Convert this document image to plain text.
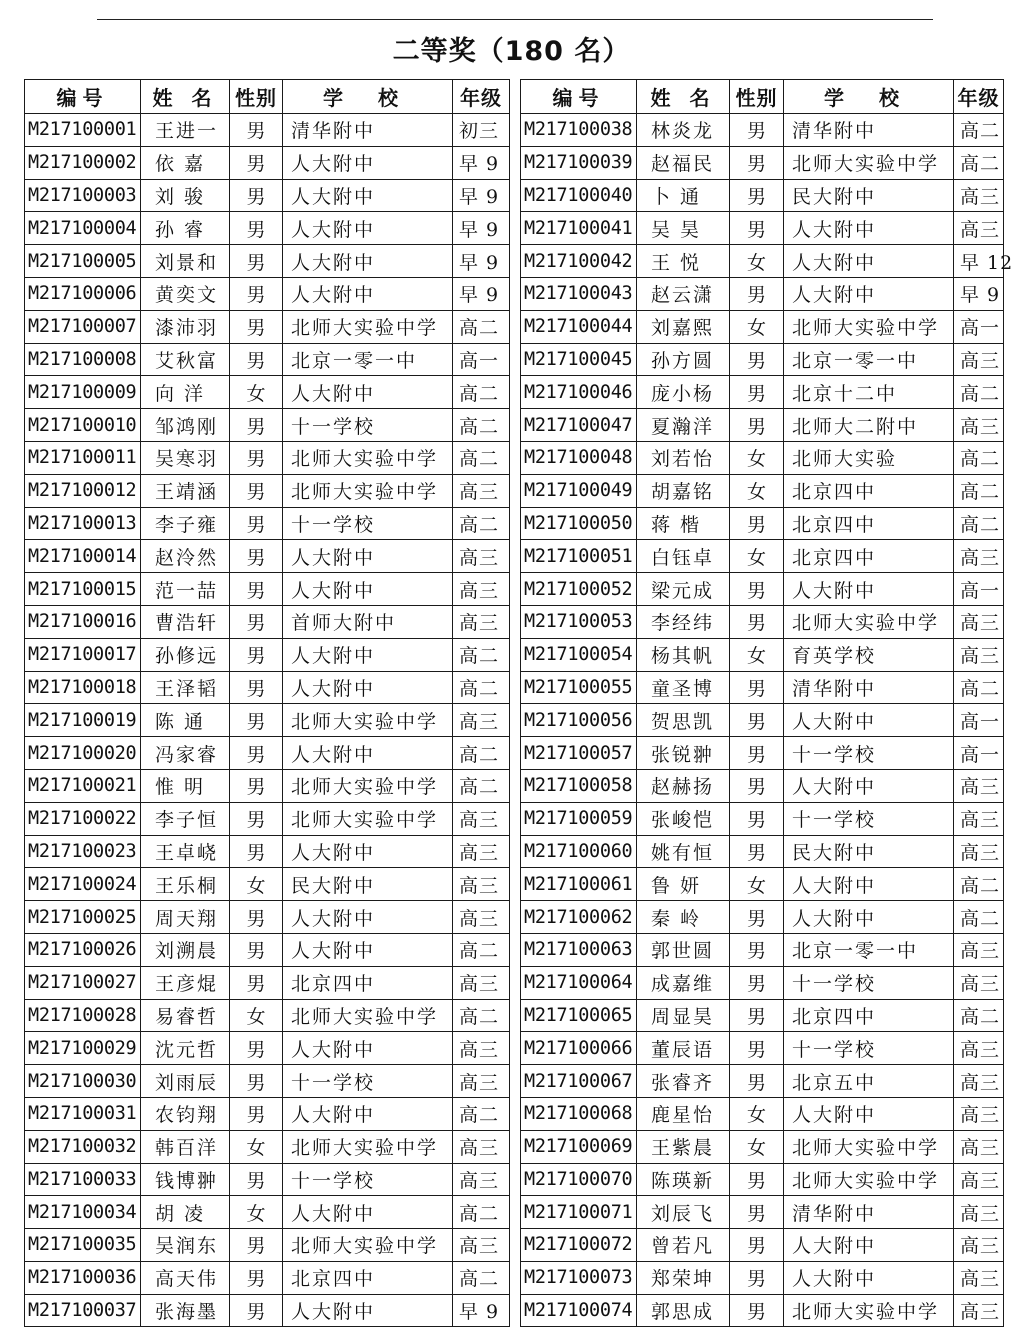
二等奖（180 名）
编号	姓 名	性别	学 校	年级
M217100001	王进一	男	清华附中	初三
M217100002	依 嘉	男	人大附中	早 9
M217100003	刘 骏	男	人大附中	早 9
M217100004	孙 睿	男	人大附中	早 9
M217100005	刘景和	男	人大附中	早 9
M217100006	黄奕文	男	人大附中	早 9
M217100007	漆沛羽	男	北师大实验中学	高二
M217100008	艾秋富	男	北京一零一中	高一
M217100009	向 洋	女	人大附中	高二
M217100010	邹鸿刚	男	十一学校	高二
M217100011	吴寒羽	男	北师大实验中学	高二
M217100012	王靖涵	男	北师大实验中学	高三
M217100013	李子雍	男	十一学校	高二
M217100014	赵泠然	男	人大附中	高三
M217100015	范一喆	男	人大附中	高三
M217100016	曹浩轩	男	首师大附中	高三
M217100017	孙修远	男	人大附中	高二
M217100018	王泽韬	男	人大附中	高二
M217100019	陈 通	男	北师大实验中学	高三
M217100020	冯家睿	男	人大附中	高二
M217100021	惟 明	男	北师大实验中学	高二
M217100022	李子恒	男	北师大实验中学	高三
M217100023	王卓峣	男	人大附中	高三
M217100024	王乐桐	女	民大附中	高三
M217100025	周天翔	男	人大附中	高三
M217100026	刘溯晨	男	人大附中	高二
M217100027	王彦焜	男	北京四中	高三
M217100028	易睿哲	女	北师大实验中学	高二
M217100029	沈元哲	男	人大附中	高三
M217100030	刘雨辰	男	十一学校	高三
M217100031	农钧翔	男	人大附中	高二
M217100032	韩百洋	女	北师大实验中学	高三
M217100033	钱博翀	男	十一学校	高三
M217100034	胡 凌	女	人大附中	高二
M217100035	吴润东	男	北师大实验中学	高三
M217100036	高天伟	男	北京四中	高二
M217100037	张海墨	男	人大附中	早 9
编号	姓 名	性别	学 校	年级
M217100038	林炎龙	男	清华附中	高二
M217100039	赵福民	男	北师大实验中学	高二
M217100040	卜 通	男	民大附中	高三
M217100041	吴 昊	男	人大附中	高三
M217100042	王 悦	女	人大附中	早 12
M217100043	赵云潇	男	人大附中	早 9
M217100044	刘嘉熙	女	北师大实验中学	高一
M217100045	孙方圆	男	北京一零一中	高三
M217100046	庞小杨	男	北京十二中	高二
M217100047	夏瀚洋	男	北师大二附中	高三
M217100048	刘若怡	女	北师大实验	高二
M217100049	胡嘉铭	女	北京四中	高二
M217100050	蒋 楷	男	北京四中	高二
M217100051	白钰卓	女	北京四中	高三
M217100052	梁元成	男	人大附中	高一
M217100053	李经纬	男	北师大实验中学	高三
M217100054	杨其帆	女	育英学校	高三
M217100055	童圣博	男	清华附中	高二
M217100056	贺思凯	男	人大附中	高一
M217100057	张锐翀	男	十一学校	高一
M217100058	赵赫扬	男	人大附中	高三
M217100059	张峻恺	男	十一学校	高三
M217100060	姚有恒	男	民大附中	高三
M217100061	鲁 妍	女	人大附中	高二
M217100062	秦 岭	男	人大附中	高二
M217100063	郭世圆	男	北京一零一中	高三
M217100064	成嘉维	男	十一学校	高三
M217100065	周显昊	男	北京四中	高二
M217100066	董辰语	男	十一学校	高三
M217100067	张睿齐	男	北京五中	高三
M217100068	鹿星怡	女	人大附中	高三
M217100069	王紫晨	女	北师大实验中学	高三
M217100070	陈瑛新	男	北师大实验中学	高三
M217100071	刘辰飞	男	清华附中	高三
M217100072	曾若凡	男	人大附中	高三
M217100073	郑荣坤	男	人大附中	高三
M217100074	郭思成	男	北师大实验中学	高三
